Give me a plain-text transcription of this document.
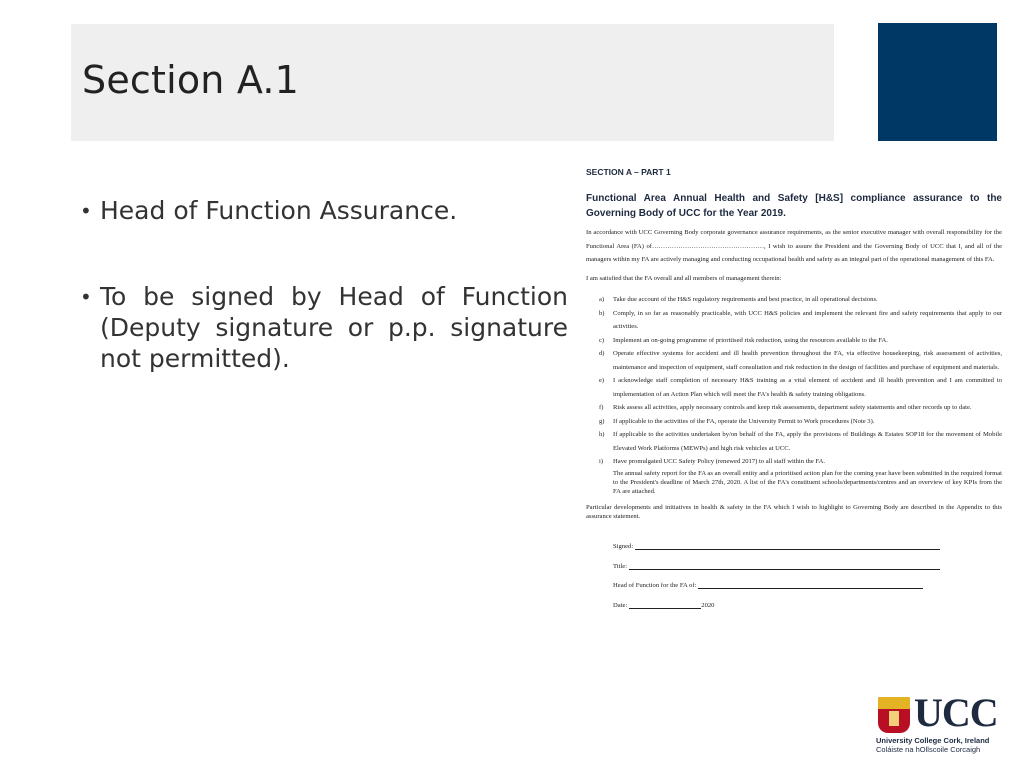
Section A.1
• Head of Function Assurance.
• To be signed by Head of Function (Deputy signature or p.p. signature not permitted).
SECTION A – PART 1
Functional Area Annual Health and Safety [H&S] compliance assurance to the Governing Body of UCC for the Year 2019.
In accordance with UCC Governing Body corporate governance assurance requirements, as the senior executive manager with overall responsibility for the Functional Area (FA) of……………………………………………, I wish to assure the President and the Governing Body of UCC that I, and all of the managers within my FA are actively managing and conducting occupational health and safety as an integral part of the operational management of this FA.
I am satisfied that the FA overall and all members of management therein:
a)	Take due account of the H&S regulatory requirements and best practice, in all operational decisions.
b)	Comply, in so far as reasonably practicable, with UCC H&S policies and implement the relevant fire and safety requirements that apply to our activities.
c)	Implement an on-going programme of prioritised risk reduction, using the resources available to the FA.
d)	Operate effective systems for accident and ill health prevention throughout the FA, via effective housekeeping, risk assessment of activities, maintenance and inspection of equipment, staff consultation and risk reduction in the design of facilities and purchase of equipment and materials.
e)	I acknowledge staff completion of necessary H&S training as a vital element of accident and ill health prevention and I am committed to implementation of an Action Plan which will meet the FA's health & safety training obligations.
f)	Risk assess all activities, apply necessary controls and keep risk assessments, department safety statements and other records up to date.
g)	If applicable to the activities of the FA, operate the University Permit to Work procedures (Note 3).
h)	If applicable to the activities undertaken by/on behalf of the FA, apply the provisions of Buildings & Estates SOP18 for the movement of Mobile Elevated Work Platforms (MEWPs) and high risk vehicles at UCC.
i)	Have promulgated UCC Safety Policy (renewed 2017) to all staff within the FA.
The annual safety report for the FA as an overall entity and a prioritised action plan for the coming year have been submitted in the required format to the President's deadline of March 27th, 2020. A list of the FA's constituent schools/departments/centres and an overview of key KPIs from the FA are attached.
Particular developments and initiatives in health & safety in the FA which I wish to highlight to Governing Body are described in the Appendix to this assurance statement.
Signed:
Title:
Head of Function for the FA of:
Date:	2020
UCC
University College Cork, Ireland
Coláiste na hOllscoile Corcaigh
